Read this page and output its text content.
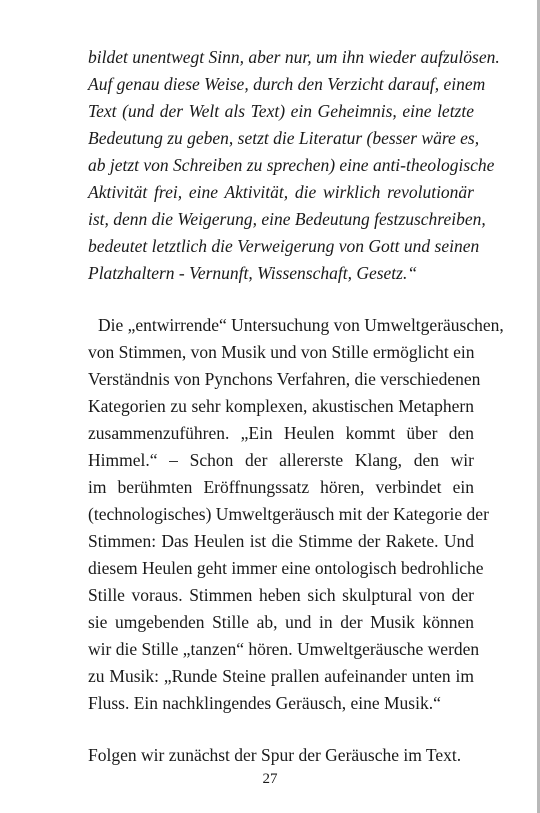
bildet unentwegt Sinn, aber nur, um ihn wieder aufzulösen.
Auf genau diese Weise, durch den Verzicht darauf, einem
Text (und der Welt als Text) ein Geheimnis, eine letzte
Bedeutung zu geben, setzt die Literatur (besser wäre es,
ab jetzt von Schreiben zu sprechen) eine anti-theologische
Aktivität frei, eine Aktivität, die wirklich revolutionär
ist, denn die Weigerung, eine Bedeutung festzuschreiben,
bedeutet letztlich die Verweigerung von Gott und seinen
Platzhaltern - Vernunft, Wissenschaft, Gesetz.“
Die „entwirrende“ Untersuchung von Umweltgeräuschen,
von Stimmen, von Musik und von Stille ermöglicht ein
Verständnis von Pynchons Verfahren, die verschiedenen
Kategorien zu sehr komplexen, akustischen Metaphern
zusammenzuführen. „Ein Heulen kommt über den
Himmel.“ – Schon der allererste Klang, den wir
im berühmten Eröffnungssatz hören, verbindet ein
(technologisches) Umweltgeräusch mit der Kategorie der
Stimmen: Das Heulen ist die Stimme der Rakete. Und
diesem Heulen geht immer eine ontologisch bedrohliche
Stille voraus. Stimmen heben sich skulptural von der
sie umgebenden Stille ab, und in der Musik können
wir die Stille „tanzen“ hören. Umweltgeräusche werden
zu Musik: „Runde Steine prallen aufeinander unten im
Fluss. Ein nachklingendes Geräusch, eine Musik.“
Folgen wir zunächst der Spur der Geräusche im Text.
27
